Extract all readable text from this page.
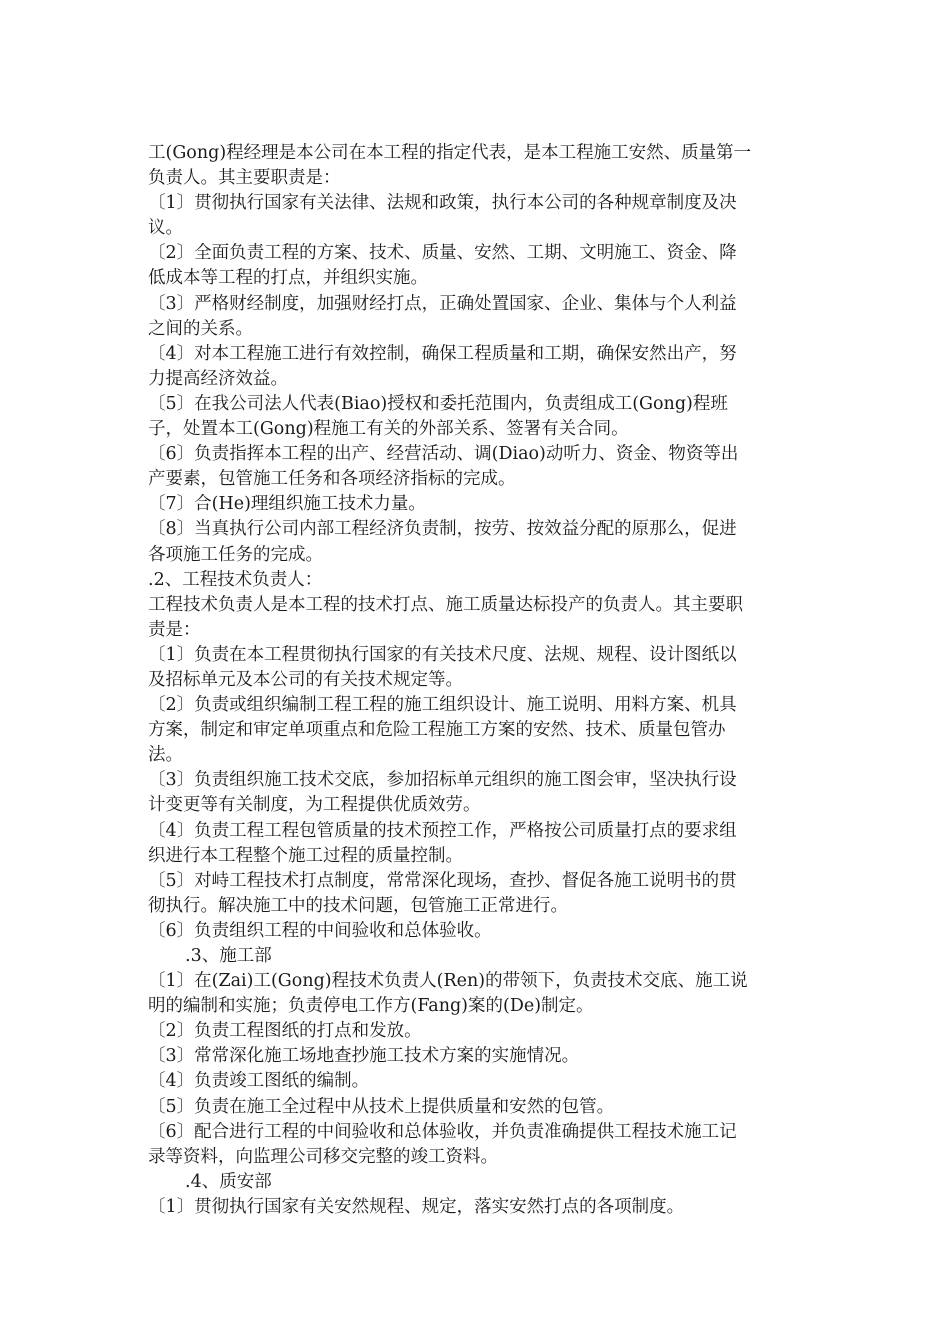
工(Gong)程经理是本公司在本工程的指定代表，是本工程施工安然、质量第一

负责人。其主要职责是：

〔1〕贯彻执行国家有关法律、法规和政策，执行本公司的各种规章制度及决

议。

〔2〕全面负责工程的方案、技术、质量、安然、工期、文明施工、资金、降

低成本等工程的打点，并组织实施。

〔3〕严格财经制度，加强财经打点，正确处置国家、企业、集体与个人利益

之间的关系。

〔4〕对本工程施工进行有效控制，确保工程质量和工期，确保安然出产，努

力提高经济效益。

〔5〕在我公司法人代表(Biao)授权和委托范围内，负责组成工(Gong)程班

子，处置本工(Gong)程施工有关的外部关系、签署有关合同。

〔6〕负责指挥本工程的出产、经营活动、调(Diao)动听力、资金、物资等出

产要素，包管施工任务和各项经济指标的完成。

〔7〕合(He)理组织施工技术力量。

〔8〕当真执行公司内部工程经济负责制，按劳、按效益分配的原那么，促进

各项施工任务的完成。

.2、工程技术负责人：

工程技术负责人是本工程的技术打点、施工质量达标投产的负责人。其主要职

责是：

〔1〕负责在本工程贯彻执行国家的有关技术尺度、法规、规程、设计图纸以

及招标单元及本公司的有关技术规定等。

〔2〕负责或组织编制工程工程的施工组织设计、施工说明、用料方案、机具

方案，制定和审定单项重点和危险工程施工方案的安然、技术、质量包管办

法。

〔3〕负责组织施工技术交底，参加招标单元组织的施工图会审，坚决执行设

计变更等有关制度，为工程提供优质效劳。

〔4〕负责工程工程包管质量的技术预控工作，严格按公司质量打点的要求组

织进行本工程整个施工过程的质量控制。

〔5〕对峙工程技术打点制度，常常深化现场，查抄、督促各施工说明书的贯

彻执行。解决施工中的技术问题，包管施工正常进行。

〔6〕负责组织工程的中间验收和总体验收。

.3、施工部

〔1〕在(Zai)工(Gong)程技术负责人(Ren)的带领下，负责技术交底、施工说

明的编制和实施；负责停电工作方(Fang)案的(De)制定。

〔2〕负责工程图纸的打点和发放。

〔3〕常常深化施工场地查抄施工技术方案的实施情况。

〔4〕负责竣工图纸的编制。

〔5〕负责在施工全过程中从技术上提供质量和安然的包管。

〔6〕配合进行工程的中间验收和总体验收，并负责准确提供工程技术施工记

录等资料，向监理公司移交完整的竣工资料。

.4、质安部

〔1〕贯彻执行国家有关安然规程、规定，落实安然打点的各项制度。
